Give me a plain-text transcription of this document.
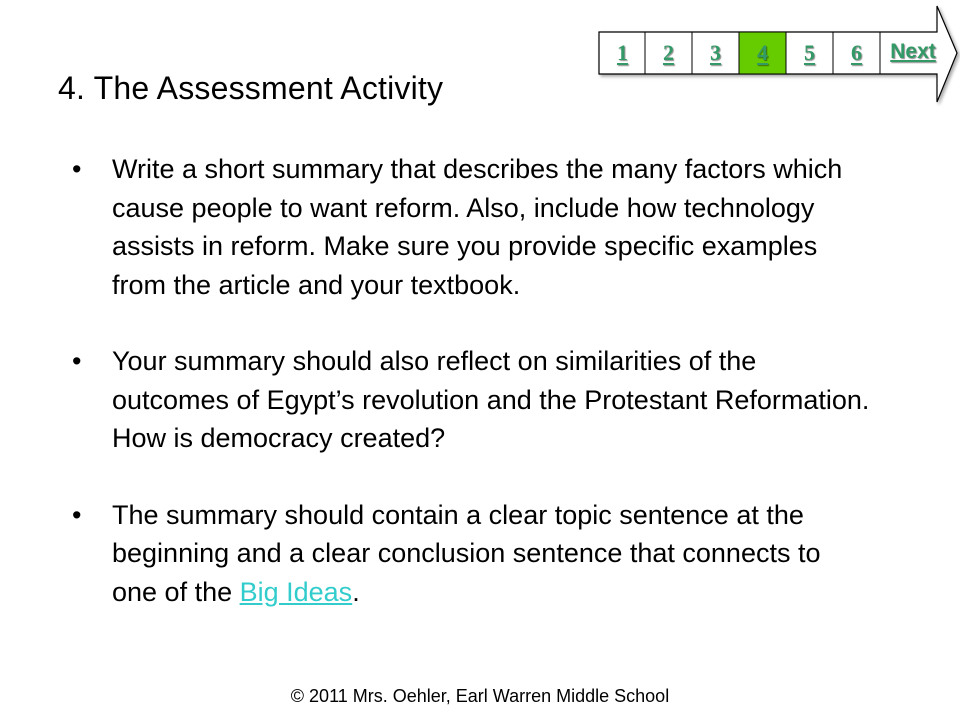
1	2	3	4	5	6	Next
4. The Assessment Activity
• Write a short summary that describes the many factors which cause people to want reform. Also, include how technology assists in reform. Make sure you provide specific examples from the article and your textbook.
• Your summary should also reflect on similarities of the outcomes of Egypt’s revolution and the Protestant Reformation. How is democracy created?
• The summary should contain a clear topic sentence at the beginning and a clear conclusion sentence that connects to one of the Big Ideas.
© 2011 Mrs. Oehler, Earl Warren Middle School
